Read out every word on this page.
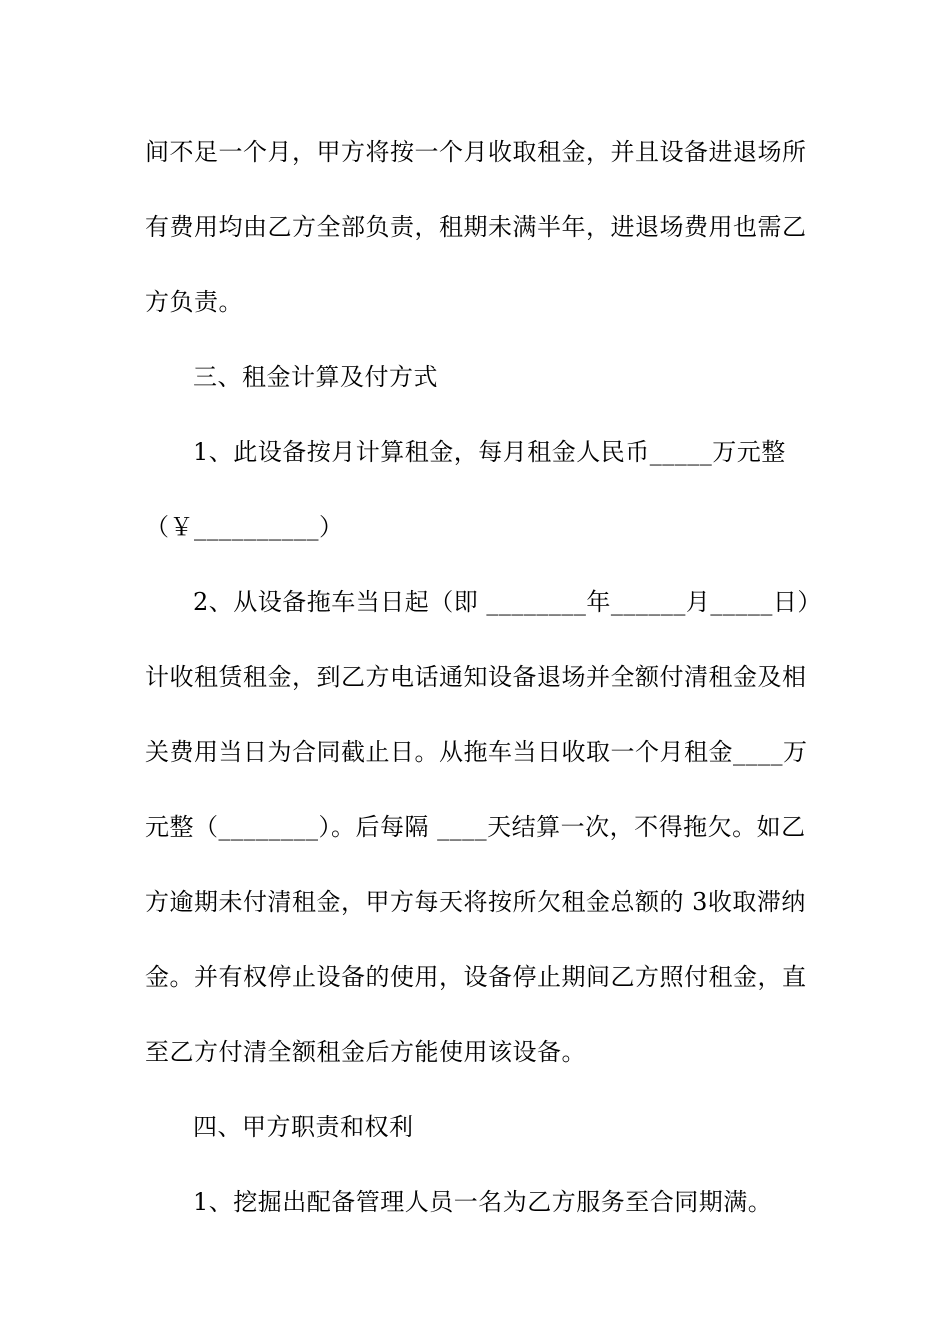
间不足一个月，甲方将按一个月收取租金，并且设备进退场所
有费用均由乙方全部负责，租期未满半年，进退场费用也需乙
方负责。
三、租金计算及付方式
1、此设备按月计算租金，每月租金人民币_____万元整
（￥__________）
2、从设备拖车当日起（即 ________年______月_____日）
计收租赁租金，到乙方电话通知设备退场并全额付清租金及相
关费用当日为合同截止日。从拖车当日收取一个月租金____万
元整（________）。后每隔 ____天结算一次，不得拖欠。如乙
方逾期未付清租金，甲方每天将按所欠租金总额的 3收取滞纳
金。并有权停止设备的使用，设备停止期间乙方照付租金，直
至乙方付清全额租金后方能使用该设备。
四、甲方职责和权利
1、挖掘出配备管理人员一名为乙方服务至合同期满。
